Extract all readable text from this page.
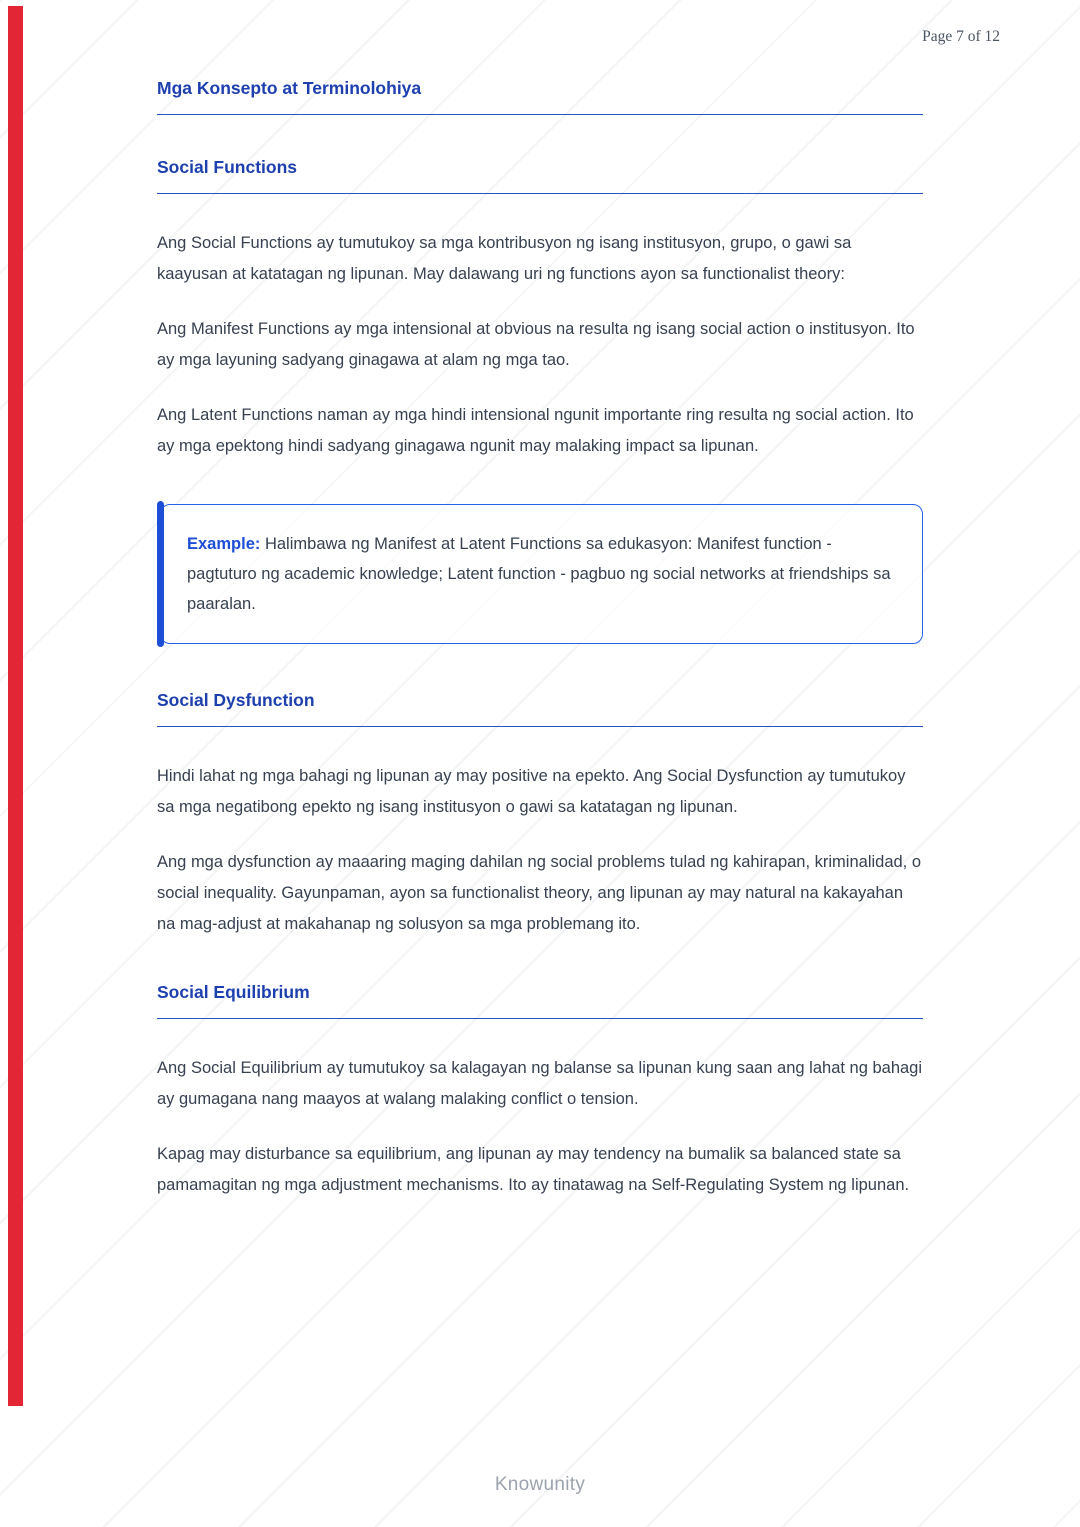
Page 7 of 12
Mga Konsepto at Terminolohiya
Social Functions

Ang Social Functions ay tumutukoy sa mga kontribusyon ng isang institusyon, grupo, o gawi sa kaayusan at katatagan ng lipunan. May dalawang uri ng functions ayon sa functionalist theory:

Ang Manifest Functions ay mga intensional at obvious na resulta ng isang social action o institusyon. Ito ay mga layuning sadyang ginagawa at alam ng mga tao.

Ang Latent Functions naman ay mga hindi intensional ngunit importante ring resulta ng social action. Ito ay mga epektong hindi sadyang ginagawa ngunit may malaking impact sa lipunan.

Example: Halimbawa ng Manifest at Latent Functions sa edukasyon: Manifest function - pagtuturo ng academic knowledge; Latent function - pagbuo ng social networks at friendships sa paaralan.

Social Dysfunction

Hindi lahat ng mga bahagi ng lipunan ay may positive na epekto. Ang Social Dysfunction ay tumutukoy sa mga negatibong epekto ng isang institusyon o gawi sa katatagan ng lipunan.

Ang mga dysfunction ay maaaring maging dahilan ng social problems tulad ng kahirapan, kriminalidad, o social inequality. Gayunpaman, ayon sa functionalist theory, ang lipunan ay may natural na kakayahan na mag-adjust at makahanap ng solusyon sa mga problemang ito.

Social Equilibrium

Ang Social Equilibrium ay tumutukoy sa kalagayan ng balanse sa lipunan kung saan ang lahat ng bahagi ay gumagana nang maayos at walang malaking conflict o tension.

Kapag may disturbance sa equilibrium, ang lipunan ay may tendency na bumalik sa balanced state sa pamamagitan ng mga adjustment mechanisms. Ito ay tinatawag na Self-Regulating System ng lipunan.

Knowunity
